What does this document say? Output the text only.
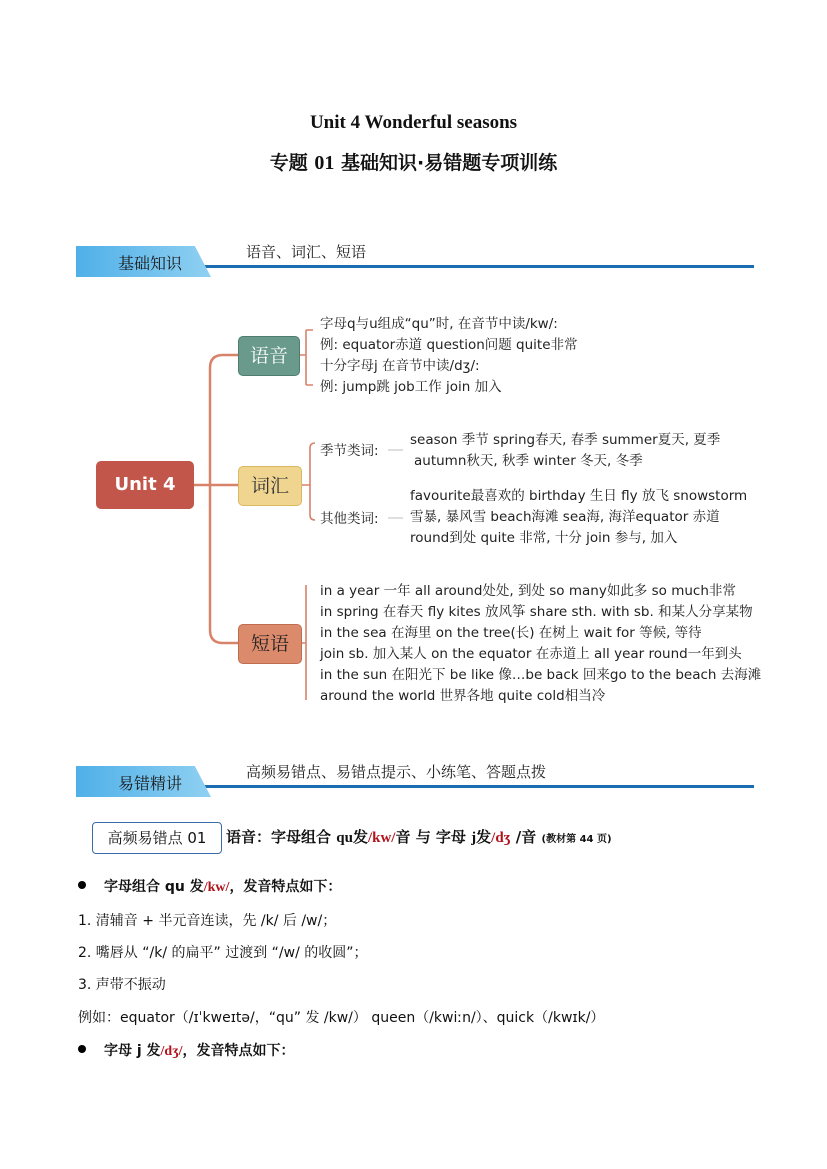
Unit 4 Wonderful seasons
专题 01 基础知识·易错题专项训练
基础知识
语音、词汇、短语
Unit 4
语音
词汇
短语
字母q与u组成“qu”时, 在音节中读/kw/:
例: equator赤道 question问题 quite非常
十分字母j 在音节中读/dʒ/:
例: jump跳 job工作 join 加入
季节类词:
season 季节 spring春天, 春季 summer夏天, 夏季
autumn秋天, 秋季 winter 冬天, 冬季
其他类词:
favourite最喜欢的 birthday 生日 fly 放飞 snowstorm
雪暴, 暴风雪 beach海滩 sea海, 海洋equator 赤道
round到处 quite 非常, 十分 join 参与, 加入
in a year 一年 all around处处, 到处 so many如此多 so much非常
in spring 在春天 fly kites 放风筝 share sth. with sb. 和某人分享某物
in the sea 在海里 on the tree(长) 在树上 wait for 等候, 等待
join sb. 加入某人 on the equator 在赤道上 all year round一年到头
in the sun 在阳光下 be like 像…be back 回来go to the beach 去海滩
around the world 世界各地 quite cold相当冷
易错精讲
高频易错点、易错点提示、小练笔、答题点拨
高频易错点 01	语音：字母组合 qu发/kw/音 与 字母 j发/dʒ /音 (教材第 44 页)
字母组合 qu 发/kw/，发音特点如下：
1. 清辅音 + 半元音连读，先 /k/ 后 /w/；
2. 嘴唇从 “/k/ 的扁平” 过渡到 “/w/ 的收圆”；
3. 声带不振动
例如：equator（/ɪˈkweɪtə/，“qu” 发 /kw/） queen（/kwiːn/）、quick（/kwɪk/）
字母 j 发/dʒ/，发音特点如下：
